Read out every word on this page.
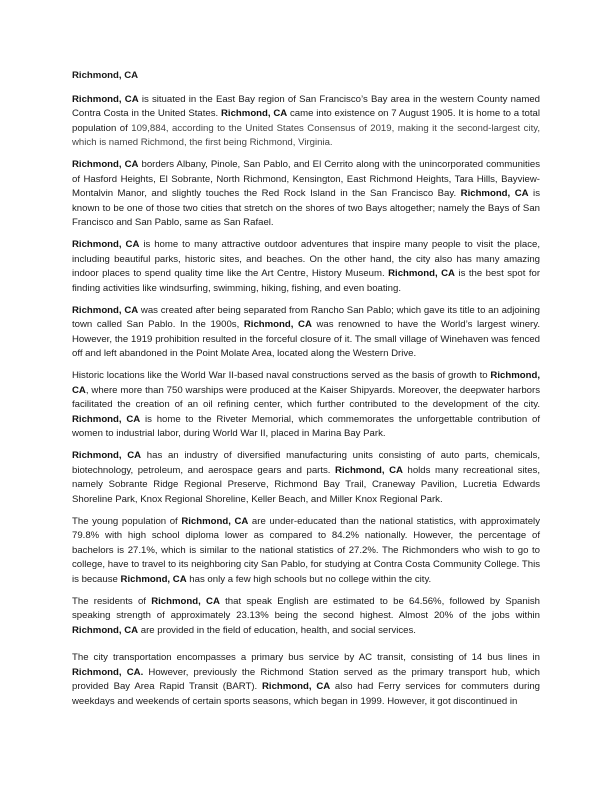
Richmond, CA

Richmond, CA is situated in the East Bay region of San Francisco’s Bay area in the western County named Contra Costa in the United States. Richmond, CA came into existence on 7 August 1905. It is home to a total population of 109,884, according to the United States Consensus of 2019, making it the second-largest city, which is named Richmond, the first being Richmond, Virginia.

Richmond, CA borders Albany, Pinole, San Pablo, and El Cerrito along with the unincorporated communities of Hasford Heights, El Sobrante, North Richmond, Kensington, East Richmond Heights, Tara Hills, Bayview-Montalvin Manor, and slightly touches the Red Rock Island in the San Francisco Bay. Richmond, CA is known to be one of those two cities that stretch on the shores of two Bays altogether; namely the Bays of San Francisco and San Pablo, same as San Rafael.

Richmond, CA is home to many attractive outdoor adventures that inspire many people to visit the place, including beautiful parks, historic sites, and beaches. On the other hand, the city also has many amazing indoor places to spend quality time like the Art Centre, History Museum. Richmond, CA is the best spot for finding activities like windsurfing, swimming, hiking, fishing, and even boating.

Richmond, CA was created after being separated from Rancho San Pablo; which gave its title to an adjoining town called San Pablo. In the 1900s, Richmond, CA was renowned to have the World’s largest winery. However, the 1919 prohibition resulted in the forceful closure of it. The small village of Winehaven was fenced off and left abandoned in the Point Molate Area, located along the Western Drive.

Historic locations like the World War II-based naval constructions served as the basis of growth to Richmond, CA, where more than 750 warships were produced at the Kaiser Shipyards. Moreover, the deepwater harbors facilitated the creation of an oil refining center, which further contributed to the development of the city. Richmond, CA is home to the Riveter Memorial, which commemorates the unforgettable contribution of women to industrial labor, during World War II, placed in Marina Bay Park.

Richmond, CA has an industry of diversified manufacturing units consisting of auto parts, chemicals, biotechnology, petroleum, and aerospace gears and parts. Richmond, CA holds many recreational sites, namely Sobrante Ridge Regional Preserve, Richmond Bay Trail, Craneway Pavilion, Lucretia Edwards Shoreline Park, Knox Regional Shoreline, Keller Beach, and Miller Knox Regional Park.

The young population of Richmond, CA are under-educated than the national statistics, with approximately 79.8% with high school diploma lower as compared to 84.2% nationally. However, the percentage of bachelors is 27.1%, which is similar to the national statistics of 27.2%. The Richmonders who wish to go to college, have to travel to its neighboring city San Pablo, for studying at Contra Costa Community College. This is because Richmond, CA has only a few high schools but no college within the city.

The residents of Richmond, CA that speak English are estimated to be 64.56%, followed by Spanish speaking strength of approximately 23.13% being the second highest. Almost 20% of the jobs within Richmond, CA are provided in the field of education, health, and social services.

The city transportation encompasses a primary bus service by AC transit, consisting of 14 bus lines in Richmond, CA. However, previously the Richmond Station served as the primary transport hub, which provided Bay Area Rapid Transit (BART). Richmond, CA also had Ferry services for commuters during weekdays and weekends of certain sports seasons, which began in 1999. However, it got discontinued in
